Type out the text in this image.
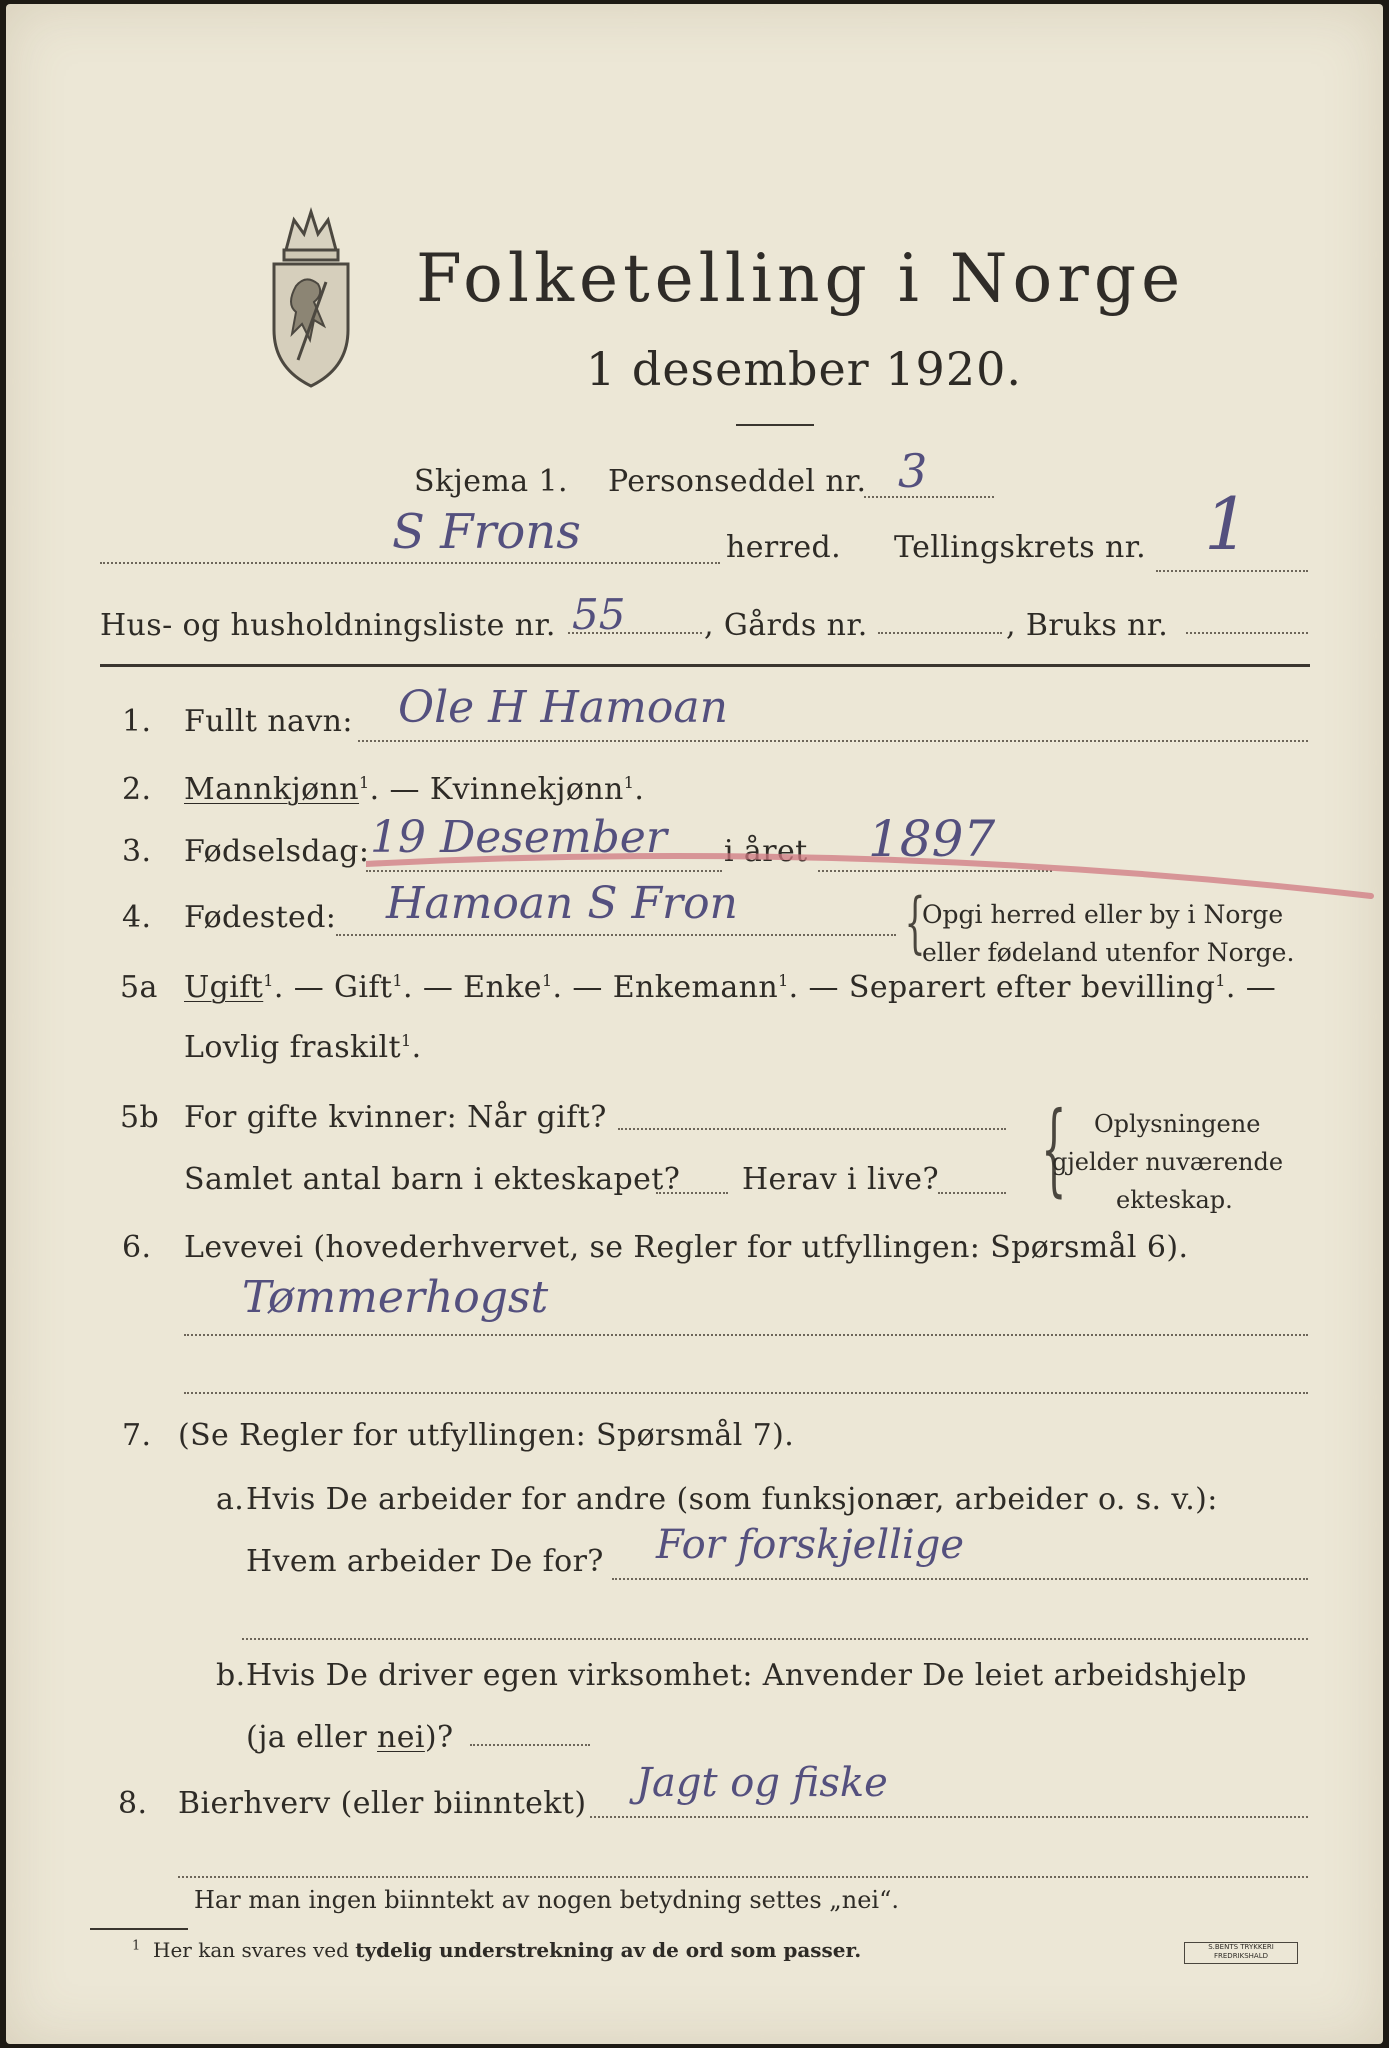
Folketelling i Norge
1 desember 1920.
Skjema 1. Personseddel nr. 3
S Frons	herred. Tellingskrets nr. 1
Hus- og husholdningsliste nr. 55	, Gårds nr.	, Bruks nr.
1. Fullt navn: Ole H Hamoan
2. Mannkjønn$^1$. — Kvinnekjønn$^1$.
3. Fødselsdag: 19 Desember i året 1897
4. Fødested: Hamoan S Fron	{
Opgi herred eller by i Norge
eller fødeland utenfor Norge.
5a Ugift$^1$. — Gift$^1$. — Enke$^1$. — Enkemann$^1$. — Separert efter bevilling$^1$. —
Lovlig fraskilt$^1$.
5b For gifte kvinner: Når gift?
Samlet antal barn i ekteskapet? Herav i live? { Oplysningene
gjelder nuværende
ekteskap.
6. Levevei (hovederhvervet, se Regler for utfyllingen: Spørsmål 6).
Tømmerhogst
7. (Se Regler for utfyllingen: Spørsmål 7).
a. Hvis De arbeider for andre (som funksjonær, arbeider o. s. v.):
Hvem arbeider De for? For forskjellige
b. Hvis De driver egen virksomhet: Anvender De leiet arbeidshjelp
(ja eller nei)?
8. Bierhverv (eller biinntekt) Jagt og fiske
Har man ingen biinntekt av nogen betydning settes „nei“.
$^1$ Her kan svares ved tydelig understrekning av de ord som passer.	S.BENTS TRYKKERI FREDRIKSHALD
